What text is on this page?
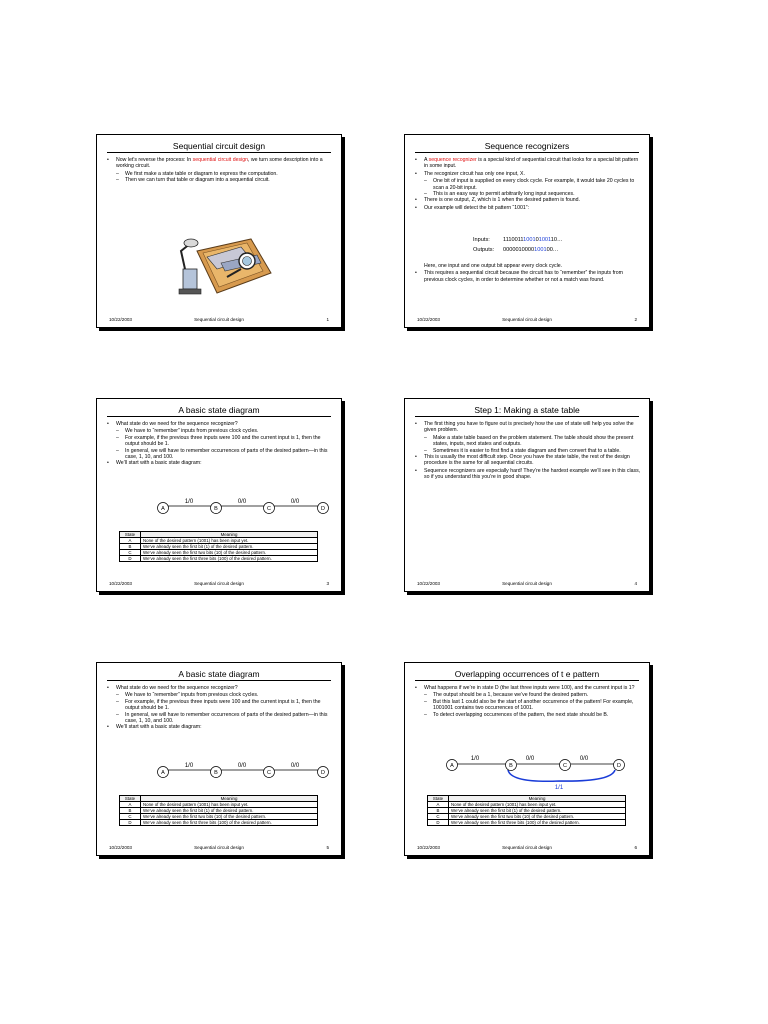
Sequential circuit design
• Now let’s reverse the process: In sequential circuit design, we turn some description into a working circuit.
– We first make a state table or diagram to express the computation.
– Then we can turn that table or diagram into a sequential circuit.
10/22/2003	Sequential circuit design	1
Sequence recognizers
• A sequence recognizer is a special kind of sequential circuit that looks for a special bit pattern in some input.
• The recognizer circuit has only one input, X.
– One bit of input is supplied on every clock cycle. For example, it would take 20 cycles to scan a 20-bit input.
– This is an easy way to permit arbitrarily long input sequences.
• There is one output, Z, which is 1 when the desired pattern is found.
• Our example will detect the bit pattern “1001”:
Inputs: 111001110010100110…
Outputs: 0000010000100100…
Here, one input and one output bit appear every clock cycle.
• This requires a sequential circuit because the circuit has to “remember” the inputs from previous clock cycles, in order to determine whether or not a match was found.
10/22/2003	Sequential circuit design	2
A basic state diagram
• What state do we need for the sequence recognizer?
– We have to “remember” inputs from previous clock cycles.
– For example, if the previous three inputs were 100 and the current input is 1, then the output should be 1.
– In general, we will have to remember occurrences of parts of the desired pattern—in this case, 1, 10, and 100.
• We’ll start with a basic state diagram:
1/0	0/0	0/0
A	B	C	D
State	Meaning
A	None of the desired pattern (1001) has been input yet.
B	We’ve already seen the first bit (1) of the desired pattern.
C	We’ve already seen the first two bits (10) of the desired pattern.
D	We’ve already seen the first three bits (100) of the desired pattern.
10/22/2003	Sequential circuit design	3
Step 1: Making a state table
• The first thing you have to figure out is precisely how the use of state will help you solve the given problem.
– Make a state table based on the problem statement. The table should show the present states, inputs, next states and outputs.
– Sometimes it is easier to first find a state diagram and then convert that to a table.
• This is usually the most difficult step. Once you have the state table, the rest of the design procedure is the same for all sequential circuits.
• Sequence recognizers are especially hard! They’re the hardest example we’ll see in this class, so if you understand this you’re in good shape.
10/22/2003	Sequential circuit design	4
A basic state diagram
• What state do we need for the sequence recognizer?
– We have to “remember” inputs from previous clock cycles.
– For example, if the previous three inputs were 100 and the current input is 1, then the output should be 1.
– In general, we will have to remember occurrences of parts of the desired pattern—in this case, 1, 10, and 100.
• We’ll start with a basic state diagram:
1/0	0/0	0/0
A	B	C	D
State	Meaning
A	None of the desired pattern (1001) has been input yet.
B	We’ve already seen the first bit (1) of the desired pattern.
C	We’ve already seen the first two bits (10) of the desired pattern.
D	We’ve already seen the first three bits (100) of the desired pattern.
10/22/2003	Sequential circuit design	5
Overlapping occurrences of t e pattern
• What happens if we’re in state D (the last three inputs were 100), and the current input is 1?
– The output should be a 1, because we’ve found the desired pattern.
– But this last 1 could also be the start of another occurrence of the pattern! For example, 1001001 contains two occurrences of 1001.
– To detect overlapping occurrences of the pattern, the next state should be B.
1/0	0/0	0/0
1/1
A	B	C	D
State	Meaning
A	None of the desired pattern (1001) has been input yet.
B	We’ve already seen the first bit (1) of the desired pattern.
C	We’ve already seen the first two bits (10) of the desired pattern.
D	We’ve already seen the first three bits (100) of the desired pattern.
10/22/2003	Sequential circuit design	6
